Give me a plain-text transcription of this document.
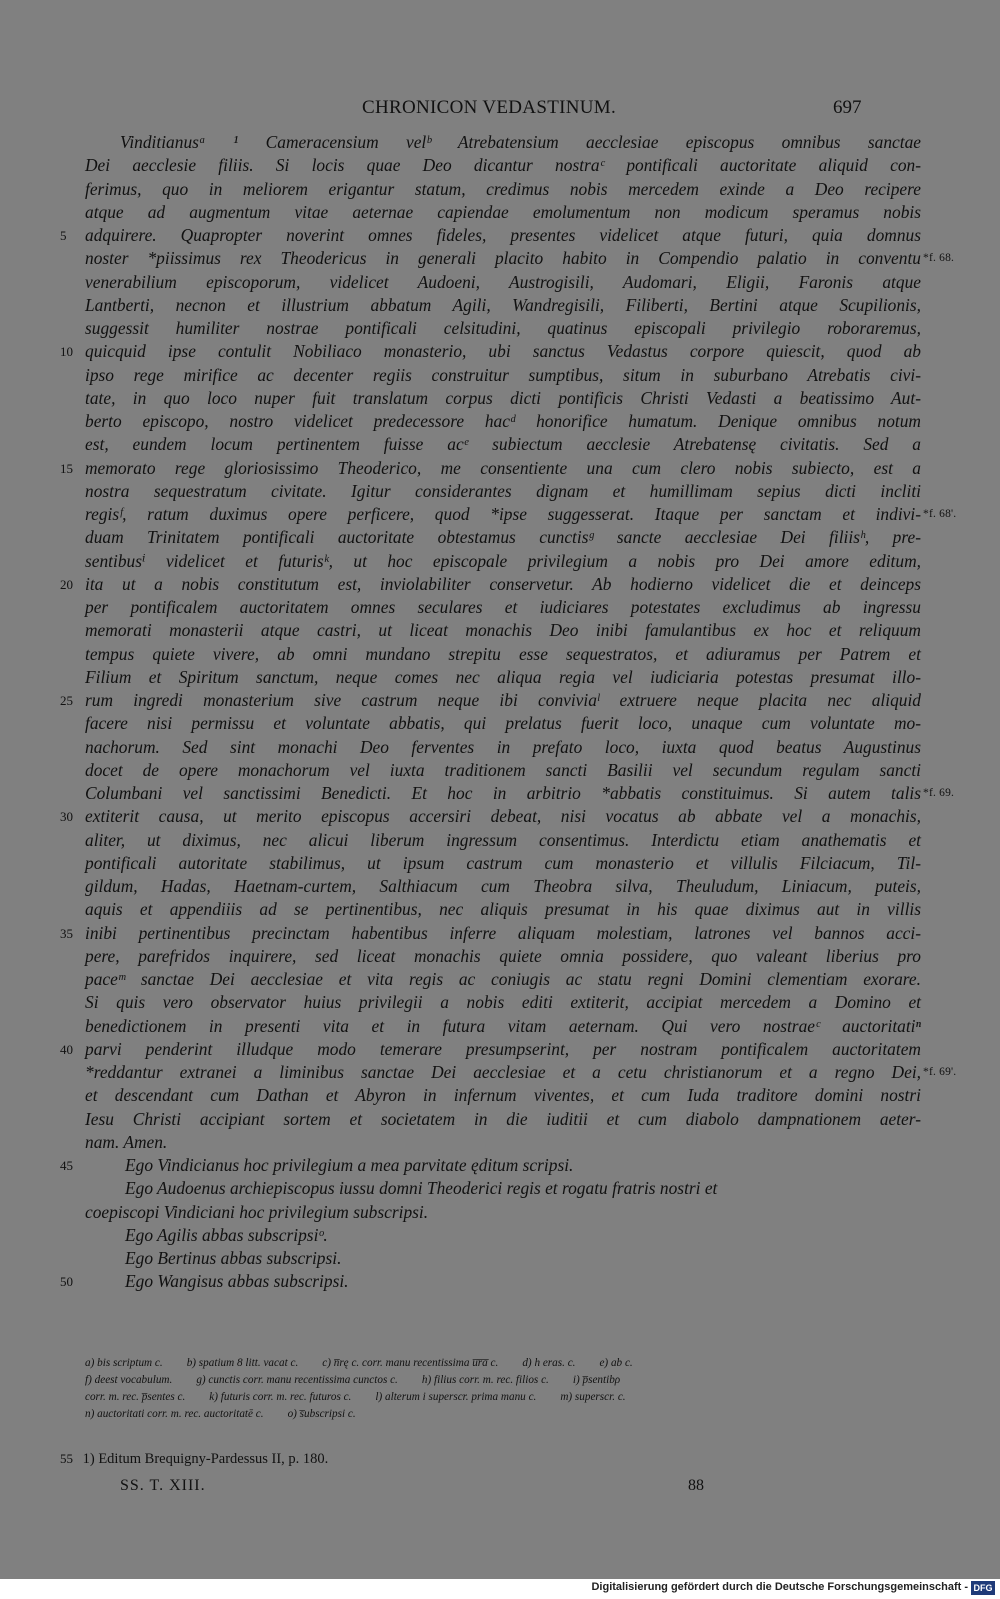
CHRONICON VEDASTINUM.	697
Vinditianusᵃ ¹ Cameracensium velᵇ Atrebatensium aecclesiae episcopus omnibus sanctae
Dei aecclesie filiis. Si locis quae Deo dicantur nostraᶜ pontificali auctoritate aliquid con-
ferimus, quo in meliorem erigantur statum, credimus nobis mercedem exinde a Deo recipere
atque ad augmentum vitae aeternae capiendae emolumentum non modicum speramus nobis
5	adquirere. Quapropter noverint omnes fideles, presentes videlicet atque futuri, quia domnus
noster *piissimus rex Theodericus in generali placito habito in Compendio palatio in conventu *f. 68.
venerabilium episcoporum, videlicet Audoeni, Austrogisili, Audomari, Eligii, Faronis atque
Lantberti, necnon et illustrium abbatum Agili, Wandregisili, Filiberti, Bertini atque Scupilionis,
suggessit humiliter nostrae pontificali celsitudini, quatinus episcopali privilegio roboraremus,
10 quicquid ipse contulit Nobiliaco monasterio, ubi sanctus Vedastus corpore quiescit, quod ab
ipso rege mirifice ac decenter regiis construitur sumptibus, situm in suburbano Atrebatis civi-
tate, in quo loco nuper fuit translatum corpus dicti pontificis Christi Vedasti a beatissimo Aut-
berto episcopo, nostro videlicet predecessore hacᵈ honorifice humatum. Denique omnibus notum
est, eundem locum pertinentem fuisse acᵉ subiectum aecclesie Atrebatensę civitatis. Sed a
15 memorato rege gloriosissimo Theoderico, me consentiente una cum clero nobis subiecto, est a
nostra sequestratum civitate. Igitur considerantes dignam et humillimam sepius dicti incliti
regisᶠ, ratum duximus opere perficere, quod *ipse suggesserat. Itaque per sanctam et indivi- *f. 68'.
duam Trinitatem pontificali auctoritate obtestamus cunctisᵍ sancte aecclesiae Dei filiisʰ, pre-
sentibusⁱ videlicet et futurisᵏ, ut hoc episcopale privilegium a nobis pro Dei amore editum,
20 ita ut a nobis constitutum est, inviolabiliter conservetur. Ab hodierno videlicet die et deinceps
per pontificalem auctoritatem omnes seculares et iudiciares potestates excludimus ab ingressu
memorati monasterii atque castri, ut liceat monachis Deo inibi famulantibus ex hoc et reliquum
tempus quiete vivere, ab omni mundano strepitu esse sequestratos, et adiuramus per Patrem et
Filium et Spiritum sanctum, neque comes nec aliqua regia vel iudiciaria potestas presumat illo-
25 rum ingredi monasterium sive castrum neque ibi conviviaˡ extruere neque placita nec aliquid
facere nisi permissu et voluntate abbatis, qui prelatus fuerit loco, unaque cum voluntate mo-
nachorum. Sed sint monachi Deo ferventes in prefato loco, iuxta quod beatus Augustinus
docet de opere monachorum vel iuxta traditionem sancti Basilii vel secundum regulam sancti
Columbani vel sanctissimi Benedicti. Et hoc in arbitrio *abbatis constituimus. Si autem talis *f. 69.
30 extiterit causa, ut merito episcopus accersiri debeat, nisi vocatus ab abbate vel a monachis,
aliter, ut diximus, nec alicui liberum ingressum consentimus. Interdictu etiam anathematis et
pontificali autoritate stabilimus, ut ipsum castrum cum monasterio et villulis Filciacum, Til-
gildum, Hadas, Haetnam-curtem, Salthiacum cum Theobra silva, Theuludum, Liniacum, puteis,
aquis et appendiiis ad se pertinentibus, nec aliquis presumat in his quae diximus aut in villis
35 inibi pertinentibus precinctam habentibus inferre aliquam molestiam, latrones vel bannos acci-
pere, parefridos inquirere, sed liceat monachis quiete omnia possidere, quo valeant liberius pro
paceᵐ sanctae Dei aecclesiae et vita regis ac coniugis ac statu regni Domini clementiam exorare.
Si quis vero observator huius privilegii a nobis editi extiterit, accipiat mercedem a Domino et
benedictionem in presenti vita et in futura vitam aeternam. Qui vero nostraeᶜ auctoritatiⁿ
40 parvi penderint illudque modo temerare presumpserint, per nostram pontificalem auctoritatem
*reddantur extranei a liminibus sanctae Dei aecclesiae et a cetu christianorum et a regno Dei, *f. 69'.
et descendant cum Dathan et Abyron in infernum viventes, et cum Iuda traditore domini nostri
Iesu Christi accipiant sortem et societatem in die iuditii et cum diabolo dampnationem aeter-
nam. Amen.
45	Ego Vindicianus hoc privilegium a mea parvitate ęditum scripsi.
Ego Audoenus archiepiscopus iussu domni Theoderici regis et rogatu fratris nostri et
coepiscopi Vindiciani hoc privilegium subscripsi.
Ego Agilis abbas subscripsiᵒ.
Ego Bertinus abbas subscripsi.
50	Ego Wangisus abbas subscripsi.
a) bis scriptum c. b) spatium 8 litt. vacat c. c) n̅rę c. corr. manu recentissima u̅r̅a̅ c. d) h eras. c. e) ab c.
f) deest vocabulum. g) cunctis corr. manu recentissima cunctos c. h) filius corr. m. rec. filios c. i) p̅sentibρ
corr. m. rec. p̅sentes c. k) futuris corr. m. rec. futuros c. l) alterum i superscr. prima manu c. m) superscr. c.
n) auctoritati corr. m. rec. auctoritatē c. o) s̅ubscripsi c.
55 1) Editum Brequigny-Pardessus II, p. 180.
SS. T. XIII.	88
Digitalisierung gefördert durch die Deutsche Forschungsgemeinschaft - DFG
